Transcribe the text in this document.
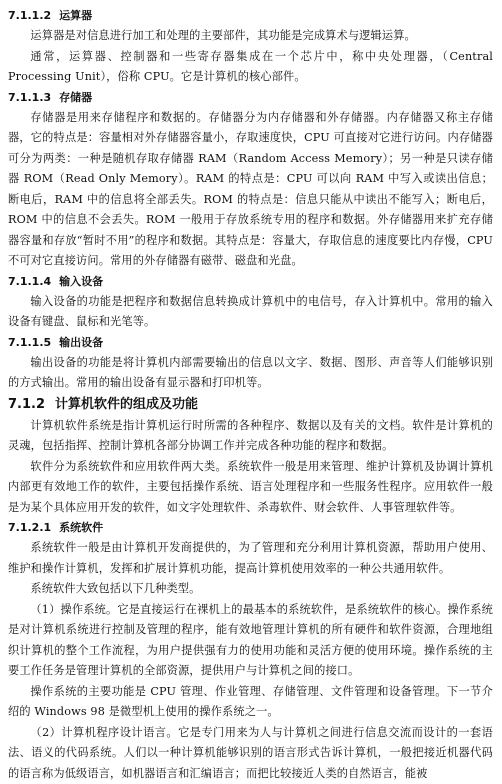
7.1.1.2 运算器

运算器是对信息进行加工和处理的主要部件，其功能是完成算术与逻辑运算。

通常，运算器、控制器和一些寄存器集成在一个芯片中，称中央处理器，（Central Processing Unit），俗称 CPU。它是计算机的核心部件。

7.1.1.3 存储器

存储器是用来存储程序和数据的。存储器分为内存储器和外存储器。内存储器又称主存储器，它的特点是：容量相对外存储器容量小，存取速度快，CPU 可直接对它进行访问。内存储器可分为两类：一种是随机存取存储器 RAM（Random Access Memory）；另一种是只读存储器 ROM（Read Only Memory）。RAM 的特点是：CPU 可以向 RAM 中写入或读出信息；断电后，RAM 中的信息将全部丢失。ROM 的特点是：信息只能从中读出不能写入；断电后，ROM 中的信息不会丢失。ROM 一般用于存放系统专用的程序和数据。外存储器用来扩充存储器容量和存放“暂时不用”的程序和数据。其特点是：容量大，存取信息的速度要比内存慢，CPU 不可对它直接访问。常用的外存储器有磁带、磁盘和光盘。

7.1.1.4 输入设备

输入设备的功能是把程序和数据信息转换成计算机中的电信号，存入计算机中。常用的输入设备有键盘、鼠标和光笔等。

7.1.1.5 输出设备

输出设备的功能是将计算机内部需要输出的信息以文字、数据、图形、声音等人们能够识别的方式输出。常用的输出设备有显示器和打印机等。

7.1.2 计算机软件的组成及功能

计算机软件系统是指计算机运行时所需的各种程序、数据以及有关的文档。软件是计算机的灵魂，包括指挥、控制计算机各部分协调工作并完成各种功能的程序和数据。

软件分为系统软件和应用软件两大类。系统软件一般是用来管理、维护计算机及协调计算机内部更有效地工作的软件，主要包括操作系统、语言处理程序和一些服务性程序。应用软件一般是为某个具体应用开发的软件，如文字处理软件、杀毒软件、财会软件、人事管理软件等。

7.1.2.1 系统软件

系统软件一般是由计算机开发商提供的，为了管理和充分利用计算机资源，帮助用户使用、维护和操作计算机，发挥和扩展计算机功能，提高计算机使用效率的一种公共通用软件。

系统软件大致包括以下几种类型。

（1）操作系统。它是直接运行在裸机上的最基本的系统软件，是系统软件的核心。操作系统是对计算机系统进行控制及管理的程序，能有效地管理计算机的所有硬件和软件资源，合理地组织计算机的整个工作流程，为用户提供强有力的使用功能和灵活方便的使用环境。操作系统的主要工作任务是管理计算机的全部资源，提供用户与计算机之间的接口。

操作系统的主要功能是 CPU 管理、作业管理、存储管理、文件管理和设备管理。下一节介绍的 Windows 98 是微型机上使用的操作系统之一。

（2）计算机程序设计语言。它是专门用来为人与计算机之间进行信息交流而设计的一套语法、语义的代码系统。人们以一种计算机能够识别的语言形式告诉计算机，一般把接近机器代码的语言称为低级语言，如机器语言和汇编语言；而把比较接近人类的自然语言，能被
